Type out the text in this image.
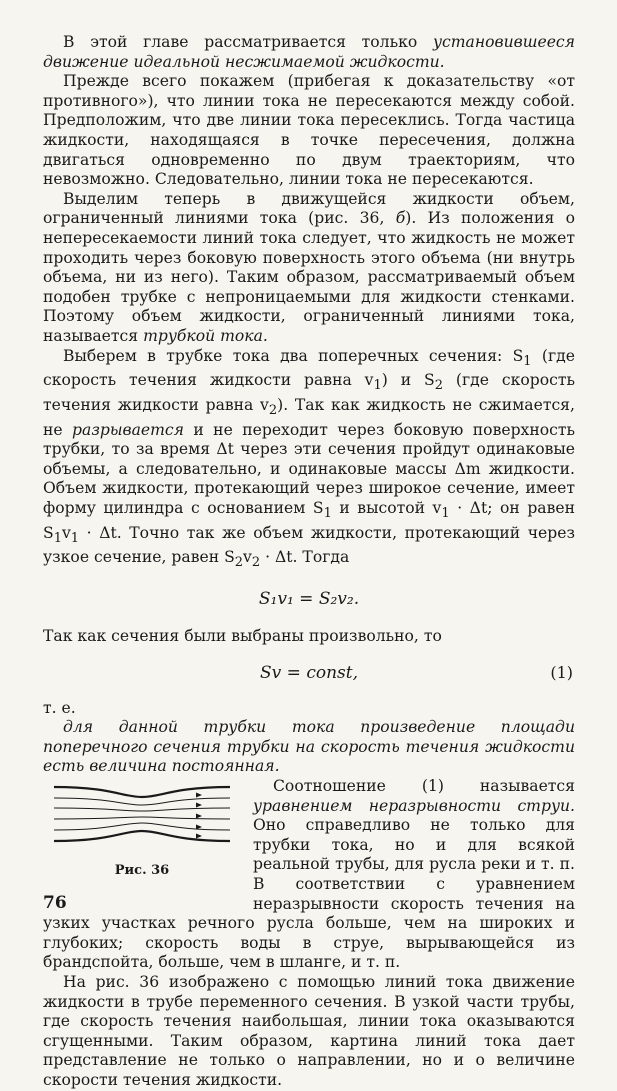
В этой главе рассматривается только установившееся движение идеальной несжимаемой жидкости.

Прежде всего покажем (прибегая к доказательству «от противного»), что линии тока не пересекаются между собой. Предположим, что две линии тока пересеклись. Тогда частица жидкости, находящаяся в точке пересечения, должна двигаться одновременно по двум траекториям, что невозможно. Следовательно, линии тока не пересекаются.

Выделим теперь в движущейся жидкости объем, ограниченный линиями тока (рис. 36, б). Из положения о непересекаемости линий тока следует, что жидкость не может проходить через боковую поверхность этого объема (ни внутрь объема, ни из него). Таким образом, рассматриваемый объем подобен трубке с непроницаемыми для жидкости стенками. Поэтому объем жидкости, ограниченный линиями тока, называется трубкой тока.

Выберем в трубке тока два поперечных сечения: $S_1$ (где скорость течения жидкости равна $v_1$) и $S_2$ (где скорость течения жидкости равна $v_2$). Так как жидкость не сжимается, не разрывается и не переходит через боковую поверхность трубки, то за время Δt через эти сечения пройдут одинаковые объемы, а следовательно, и одинаковые массы Δm жидкости. Объем жидкости, протекающий через широкое сечение, имеет форму цилиндра с основанием $S_1$ и высотой $v_1 \cdot \Delta t$; он равен $S_1v_1 \cdot \Delta t$. Точно так же объем жидкости, протекающий через узкое сечение, равен $S_2v_2 \cdot \Delta t$. Тогда

S₁v₁ = S₂v₂.

Так как сечения были выбраны произвольно, то

Sv = const,	(1)

т. е.

для данной трубки тока произведение площади поперечного сечения трубки на скорость течения жидкости есть величина постоянная.

Рис. 36

Соотношение (1) называется уравнением неразрывности струи. Оно справедливо не только для трубки тока, но и для всякой реальной трубы, для русла реки и т. п. В соответствии с уравнением неразрывности скорость течения на узких участках речного русла больше, чем на широких и глубоких; скорость воды в струе, вырывающейся из брандспойта, больше, чем в шланге, и т. п.

На рис. 36 изображено с помощью линий тока движение жидкости в трубе переменного сечения. В узкой части трубы, где скорость течения наибольшая, линии тока оказываются сгущенными. Таким образом, картина линий тока дает представление не только о направлении, но и о величине скорости течения жидкости.

76
